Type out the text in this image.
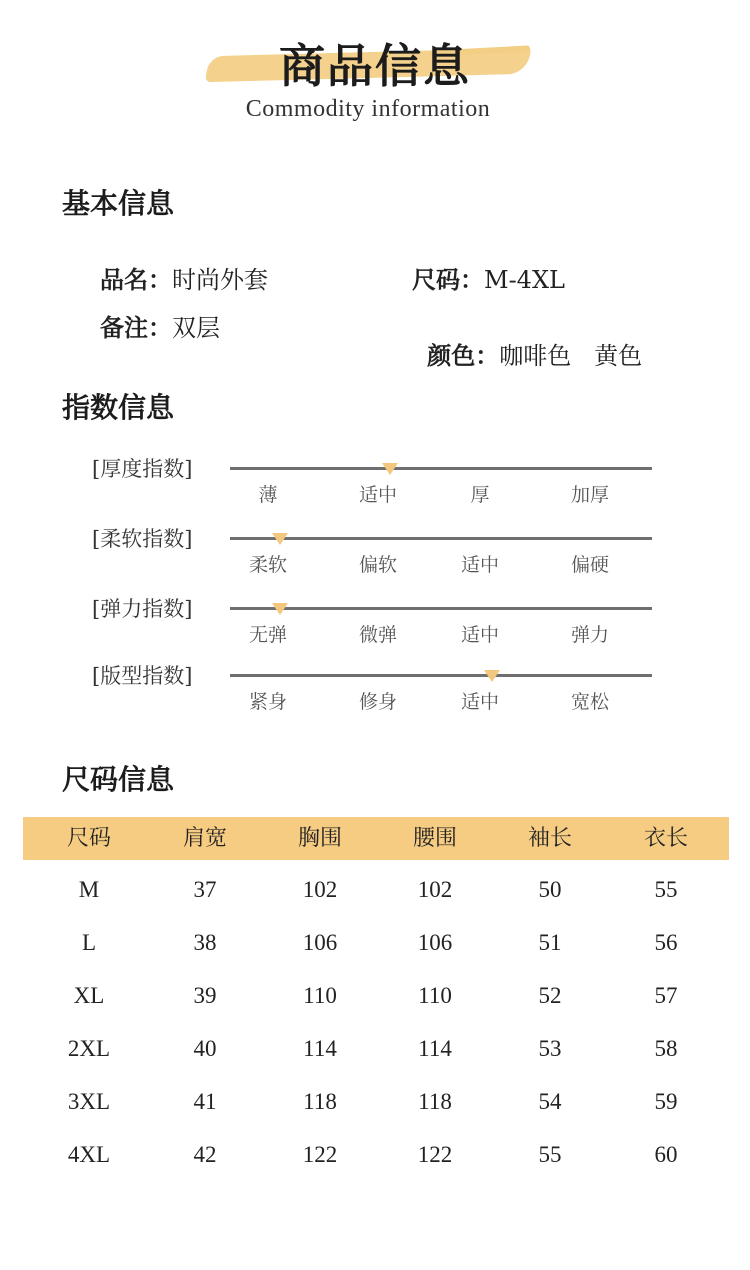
商品信息
Commodity information
基本信息
品名：时尚外套	尺码：M-4XL
备注：双层

颜色：咖啡色   黄色

指数信息
[厚度指数]
薄	适中	厚	加厚
[柔软指数]
柔软	偏软	适中	偏硬
[弹力指数]
无弹	微弹	适中	弹力
[版型指数]
紧身	修身	适中	宽松
尺码信息
尺码	肩宽	胸围	腰围	袖长	衣长
M	37	102	102	50	55
L	38	106	106	51	56
XL	39	110	110	52	57
2XL	40	114	114	53	58
3XL	41	118	118	54	59
4XL	42	122	122	55	60
